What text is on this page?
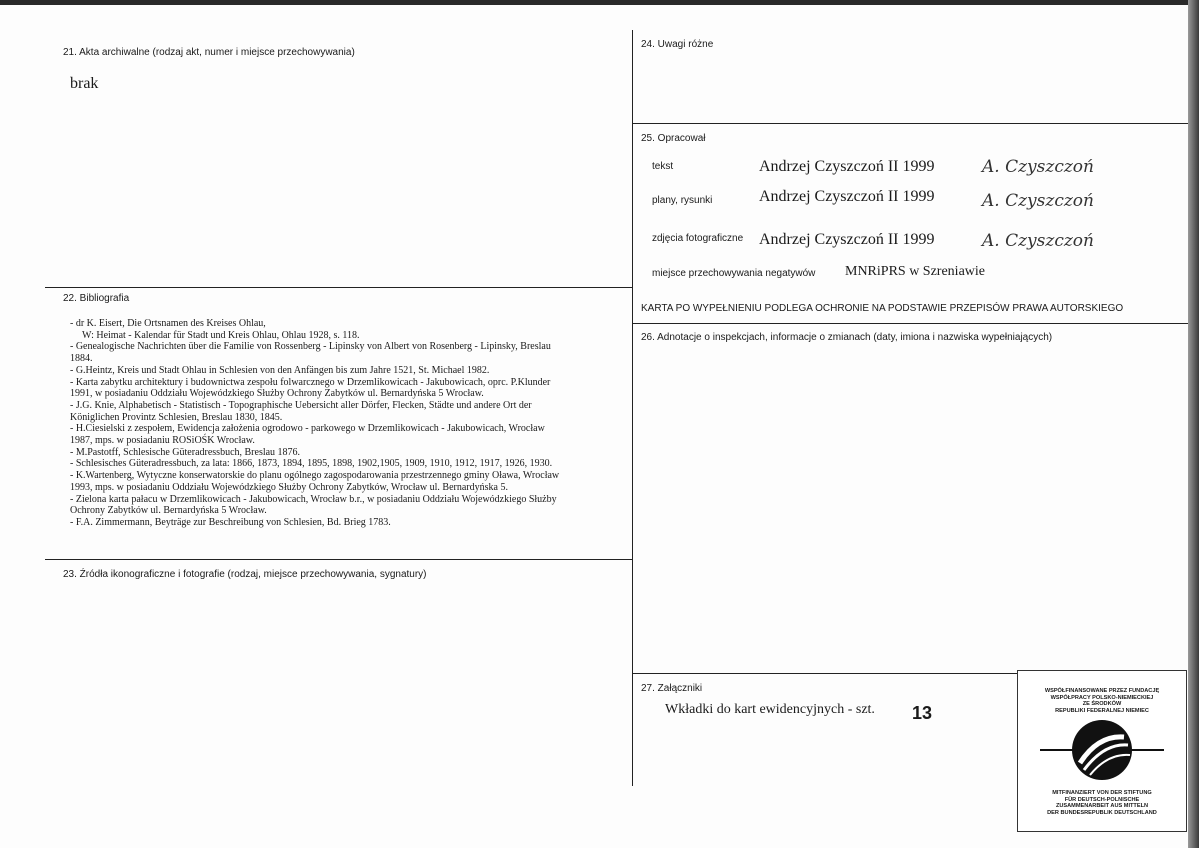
21. Akta archiwalne (rodzaj akt, numer i miejsce przechowywania)
brak
22. Bibliografia
- dr K. Eisert, Die Ortsnamen des Kreises Ohlau,
W: Heimat - Kalendar für Stadt und Kreis Ohlau, Ohlau 1928, s. 118.
- Genealogische Nachrichten über die Familie von Rossenberg - Lipinsky von Albert von Rosenberg - Lipinsky, Breslau
1884.
- G.Heintz, Kreis und Stadt Ohlau in Schlesien von den Anfängen bis zum Jahre 1521, St. Michael 1982.
- Karta zabytku architektury i budownictwa zespołu folwarcznego w Drzemlikowicach - Jakubowicach, oprc. P.Klunder
1991, w posiadaniu Oddziału Wojewódzkiego Służby Ochrony Zabytków ul. Bernardyńska 5 Wrocław.
- J.G. Knie, Alphabetisch - Statistisch - Topographische Uebersicht aller Dörfer, Flecken, Städte und andere Ort der
Königlichen Provintz Schlesien, Breslau 1830, 1845.
- H.Ciesielski z zespołem, Ewidencja założenia ogrodowo - parkowego w Drzemlikowicach - Jakubowicach, Wrocław
1987, mps. w posiadaniu ROSiOŚK Wrocław.
- M.Pastotff, Schlesische Güteradressbuch, Breslau 1876.
- Schlesisches Güteradressbuch, za lata: 1866, 1873, 1894, 1895, 1898, 1902,1905, 1909, 1910, 1912, 1917, 1926, 1930.
- K.Wartenberg, Wytyczne konserwatorskie do planu ogólnego zagospodarowania przestrzennego gminy Oława, Wrocław
1993, mps. w posiadaniu Oddziału Wojewódzkiego Służby Ochrony Zabytków, Wrocław ul. Bernardyńska 5.
- Zielona karta pałacu w Drzemlikowicach - Jakubowicach, Wrocław b.r., w posiadaniu Oddziału Wojewódzkiego Służby
Ochrony Zabytków ul. Bernardyńska 5 Wrocław.
- F.A. Zimmermann, Beyträge zur Beschreibung von Schlesien, Bd. Brieg 1783.
23. Źródła ikonograficzne i fotografie (rodzaj, miejsce przechowywania, sygnatury)
24. Uwagi różne
25. Opracował
tekst	Andrzej Czyszczoń II 1999	A. Czyszczoń
plany, rysunki	Andrzej Czyszczoń II 1999	A. Czyszczoń
zdjęcia fotograficzne Andrzej Czyszczoń II 1999	A. Czyszczoń
miejsce przechowywania negatywów MNRiPRS w Szreniawie
KARTA PO WYPEŁNIENIU PODLEGA OCHRONIE NA PODSTAWIE PRZEPISÓW PRAWA AUTORSKIEGO
26. Adnotacje o inspekcjach, informacje o zmianach (daty, imiona i nazwiska wypełniających)
27. Załączniki
Wkładki do kart ewidencyjnych - szt. 13
WSPÓŁFINANSOWANE PRZEZ FUNDACJĘ
WSPÓŁPRACY POLSKO-NIEMIECKIEJ
ZE ŚRODKÓW
REPUBLIKI FEDERALNEJ NIEMIEC
MITFINANZIERT VON DER STIFTUNG
FÜR DEUTSCH-POLNISCHE
ZUSAMMENARBEIT AUS MITTELN
DER BUNDESREPUBLIK DEUTSCHLAND
